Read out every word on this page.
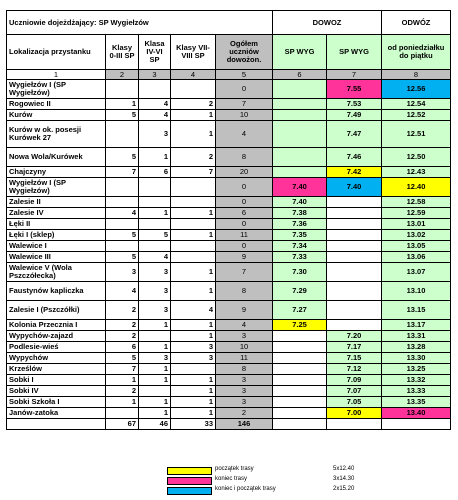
Uczniowie dojeżdżający: SP Wygiełzów					DOWOZ		ODWÓZ
Lokalizacja przystanku	Klasy 0-III SP	Klasa IV-VI SP	Klasy VII-VIII SP	Ogółem uczniów dowożon.	SP WYG	SP WYG	od poniedziałku do piątku
1	2	3	4	5	6	7	8
Wygiełzów I (SP Wygiełzów)				0		7.55	12.56
Rogowiec II	1	4	2	7		7.53	12.54
Kurów	5	4	1	10		7.49	12.52
Kurów w ok. posesji Kurówek 27		3	1	4		7.47	12.51
Nowa Wola/Kurówek	5	1	2	8		7.46	12.50
Chajczyny	7	6	7	20		7.42	12.43
Wygiełzów I (SP Wygiełzów)				0	7.40	7.40	12.40
Zalesie II				0	7.40		12.58
Zalesie IV	4	1	1	6	7.38		12.59
Łęki II				0	7.36		13.01
Łęki I (sklep)	5	5	1	11	7.35		13.02
Walewice I				0	7.34		13.05
Walewice III	5	4		9	7.33		13.06
Walewice V (Wola Pszczółecka)	3	3	1	7	7.30		13.07
Faustynów kapliczka	4	3	1	8	7.29		13.10
Zalesie I (Pszczółki)	2	3	4	9	7.27		13.15
Kolonia Przecznia I	2	1	1	4	7.25		13.17
Wypychów-zajazd	2		1	3		7.20	13.31
Podlesie-wieś	6	1	3	10		7.17	13.28
Wypychów	5	3	3	11		7.15	13.30
Krześlów	7	1		8		7.12	13.25
Sobki I	1	1	1	3		7.09	13.32
Sobki IV	2		1	3		7.07	13.33
Sobki Szkoła I	1	1	1	3		7.05	13.35
Janów-zatoka		1	1	2		7.00	13.40
	67	46	33	146			
początek trasy	5x12.40
koniec trasy	3x14.30
koniec i początek trasy	2x15.20
